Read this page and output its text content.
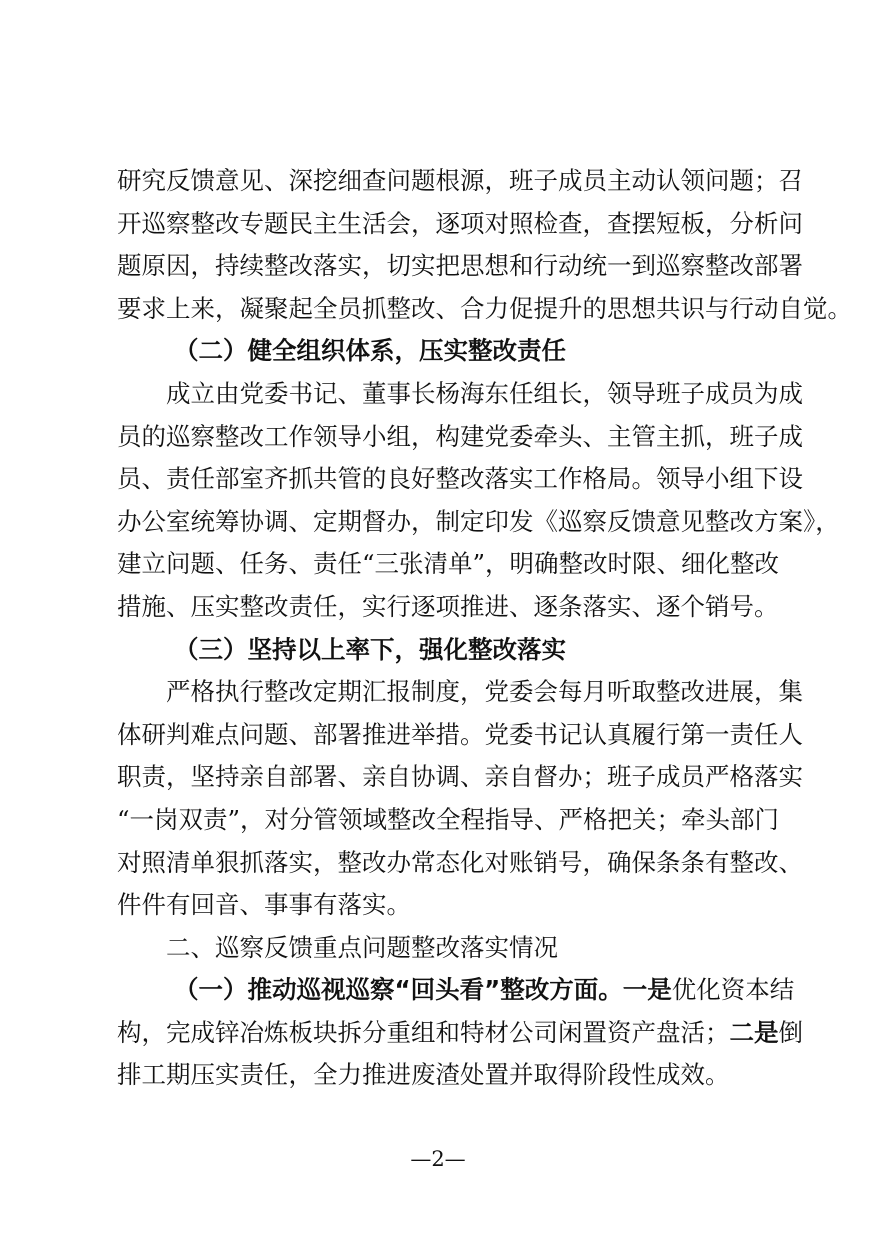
研究反馈意见、深挖细查问题根源，班子成员主动认领问题；召
开巡察整改专题民主生活会，逐项对照检查，查摆短板，分析问
题原因，持续整改落实，切实把思想和行动统一到巡察整改部署
要求上来，凝聚起全员抓整改、合力促提升的思想共识与行动自觉。
（二）健全组织体系，压实整改责任
成立由党委书记、董事长杨海东任组长，领导班子成员为成
员的巡察整改工作领导小组，构建党委牵头、主管主抓，班子成
员、责任部室齐抓共管的良好整改落实工作格局。领导小组下设
办公室统筹协调、定期督办，制定印发《巡察反馈意见整改方案》，
建立问题、任务、责任“三张清单”，明确整改时限、细化整改
措施、压实整改责任，实行逐项推进、逐条落实、逐个销号。
（三）坚持以上率下，强化整改落实
严格执行整改定期汇报制度，党委会每月听取整改进展，集
体研判难点问题、部署推进举措。党委书记认真履行第一责任人
职责，坚持亲自部署、亲自协调、亲自督办；班子成员严格落实
“一岗双责”，对分管领域整改全程指导、严格把关；牵头部门
对照清单狠抓落实，整改办常态化对账销号，确保条条有整改、
件件有回音、事事有落实。
二、巡察反馈重点问题整改落实情况
（一）推动巡视巡察“回头看”整改方面。一是优化资本结
构，完成锌冶炼板块拆分重组和特材公司闲置资产盘活；二是倒
排工期压实责任，全力推进废渣处置并取得阶段性成效。
—2—
